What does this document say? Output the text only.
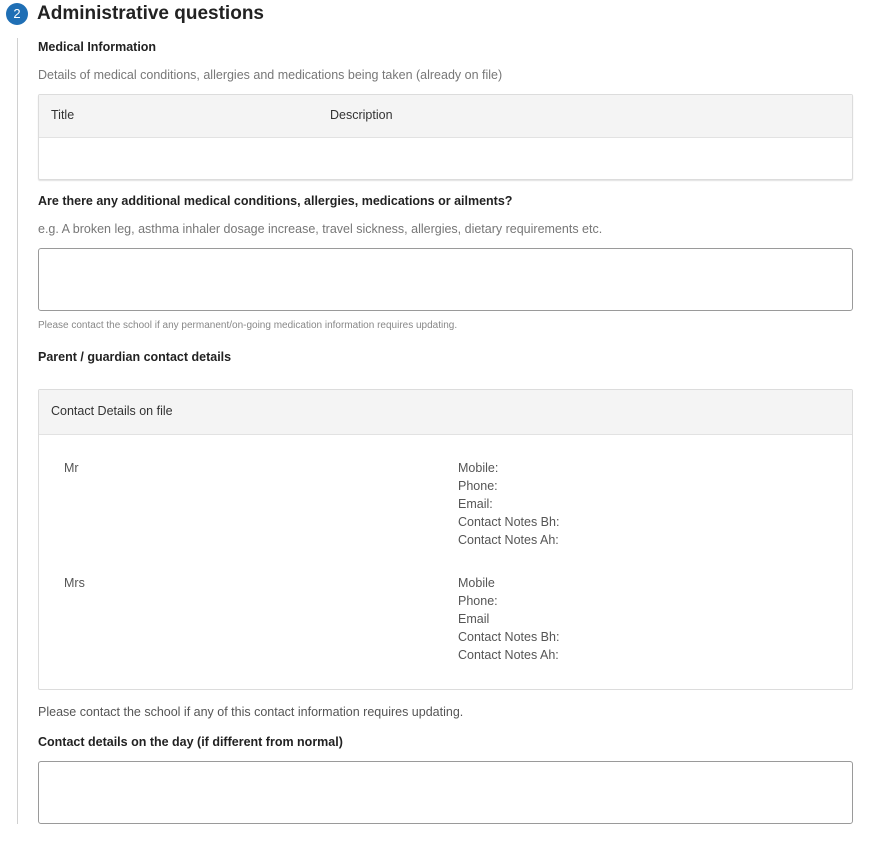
2 Administrative questions
Medical Information
Details of medical conditions, allergies and medications being taken (already on file)
Title	Description
Are there any additional medical conditions, allergies, medications or ailments?
e.g. A broken leg, asthma inhaler dosage increase, travel sickness, allergies, dietary requirements etc.
Please contact the school if any permanent/on-going medication information requires updating.
Parent / guardian contact details
Contact Details on file
Mr	Mobile:
Phone:
Email:
Contact Notes Bh:
Contact Notes Ah:
Mrs	Mobile
Phone:
Email
Contact Notes Bh:
Contact Notes Ah:
Please contact the school if any of this contact information requires updating.
Contact details on the day (if different from normal)
